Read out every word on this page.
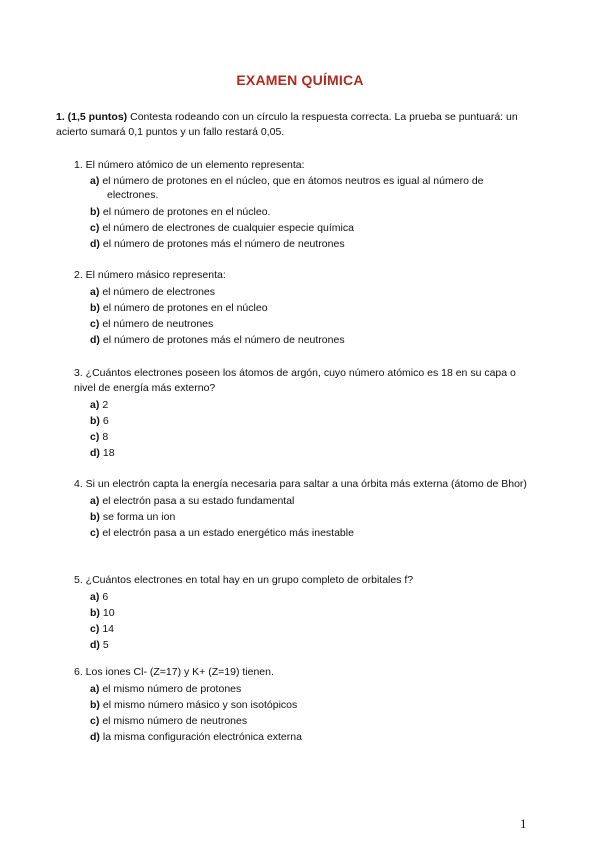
EXAMEN QUÍMICA
1. (1,5 puntos) Contesta rodeando con un círculo la respuesta correcta. La prueba se puntuará: un acierto sumará 0,1 puntos y un fallo restará 0,05.
1. El número atómico de un elemento representa:
a) el número de protones en el núcleo, que en átomos neutros es igual al número de electrones.
b) el número de protones en el núcleo.
c) el número de electrones de cualquier especie química
d) el número de protones más el número de neutrones
2. El número másico representa:
a) el número de electrones
b) el número de protones en el núcleo
c) el número de neutrones
d) el número de protones más el número de neutrones
3. ¿Cuántos electrones poseen los átomos de argón, cuyo número atómico es 18 en su capa o nivel de energía más externo?
a) 2
b) 6
c) 8
d) 18
4. Si un electrón capta la energía necesaria para saltar a una órbita más externa (átomo de Bhor)
a) el electrón pasa a su estado fundamental
b) se forma un ion
c) el electrón pasa a un estado energético más inestable
5. ¿Cuántos electrones en total hay en un grupo completo de orbitales f?
a) 6
b) 10
c) 14
d) 5
6. Los iones Cl- (Z=17) y K+ (Z=19) tienen.
a) el mismo número de protones
b) el mismo número másico y son isotópicos
c) el mismo número de neutrones
d) la misma configuración electrónica externa
1
